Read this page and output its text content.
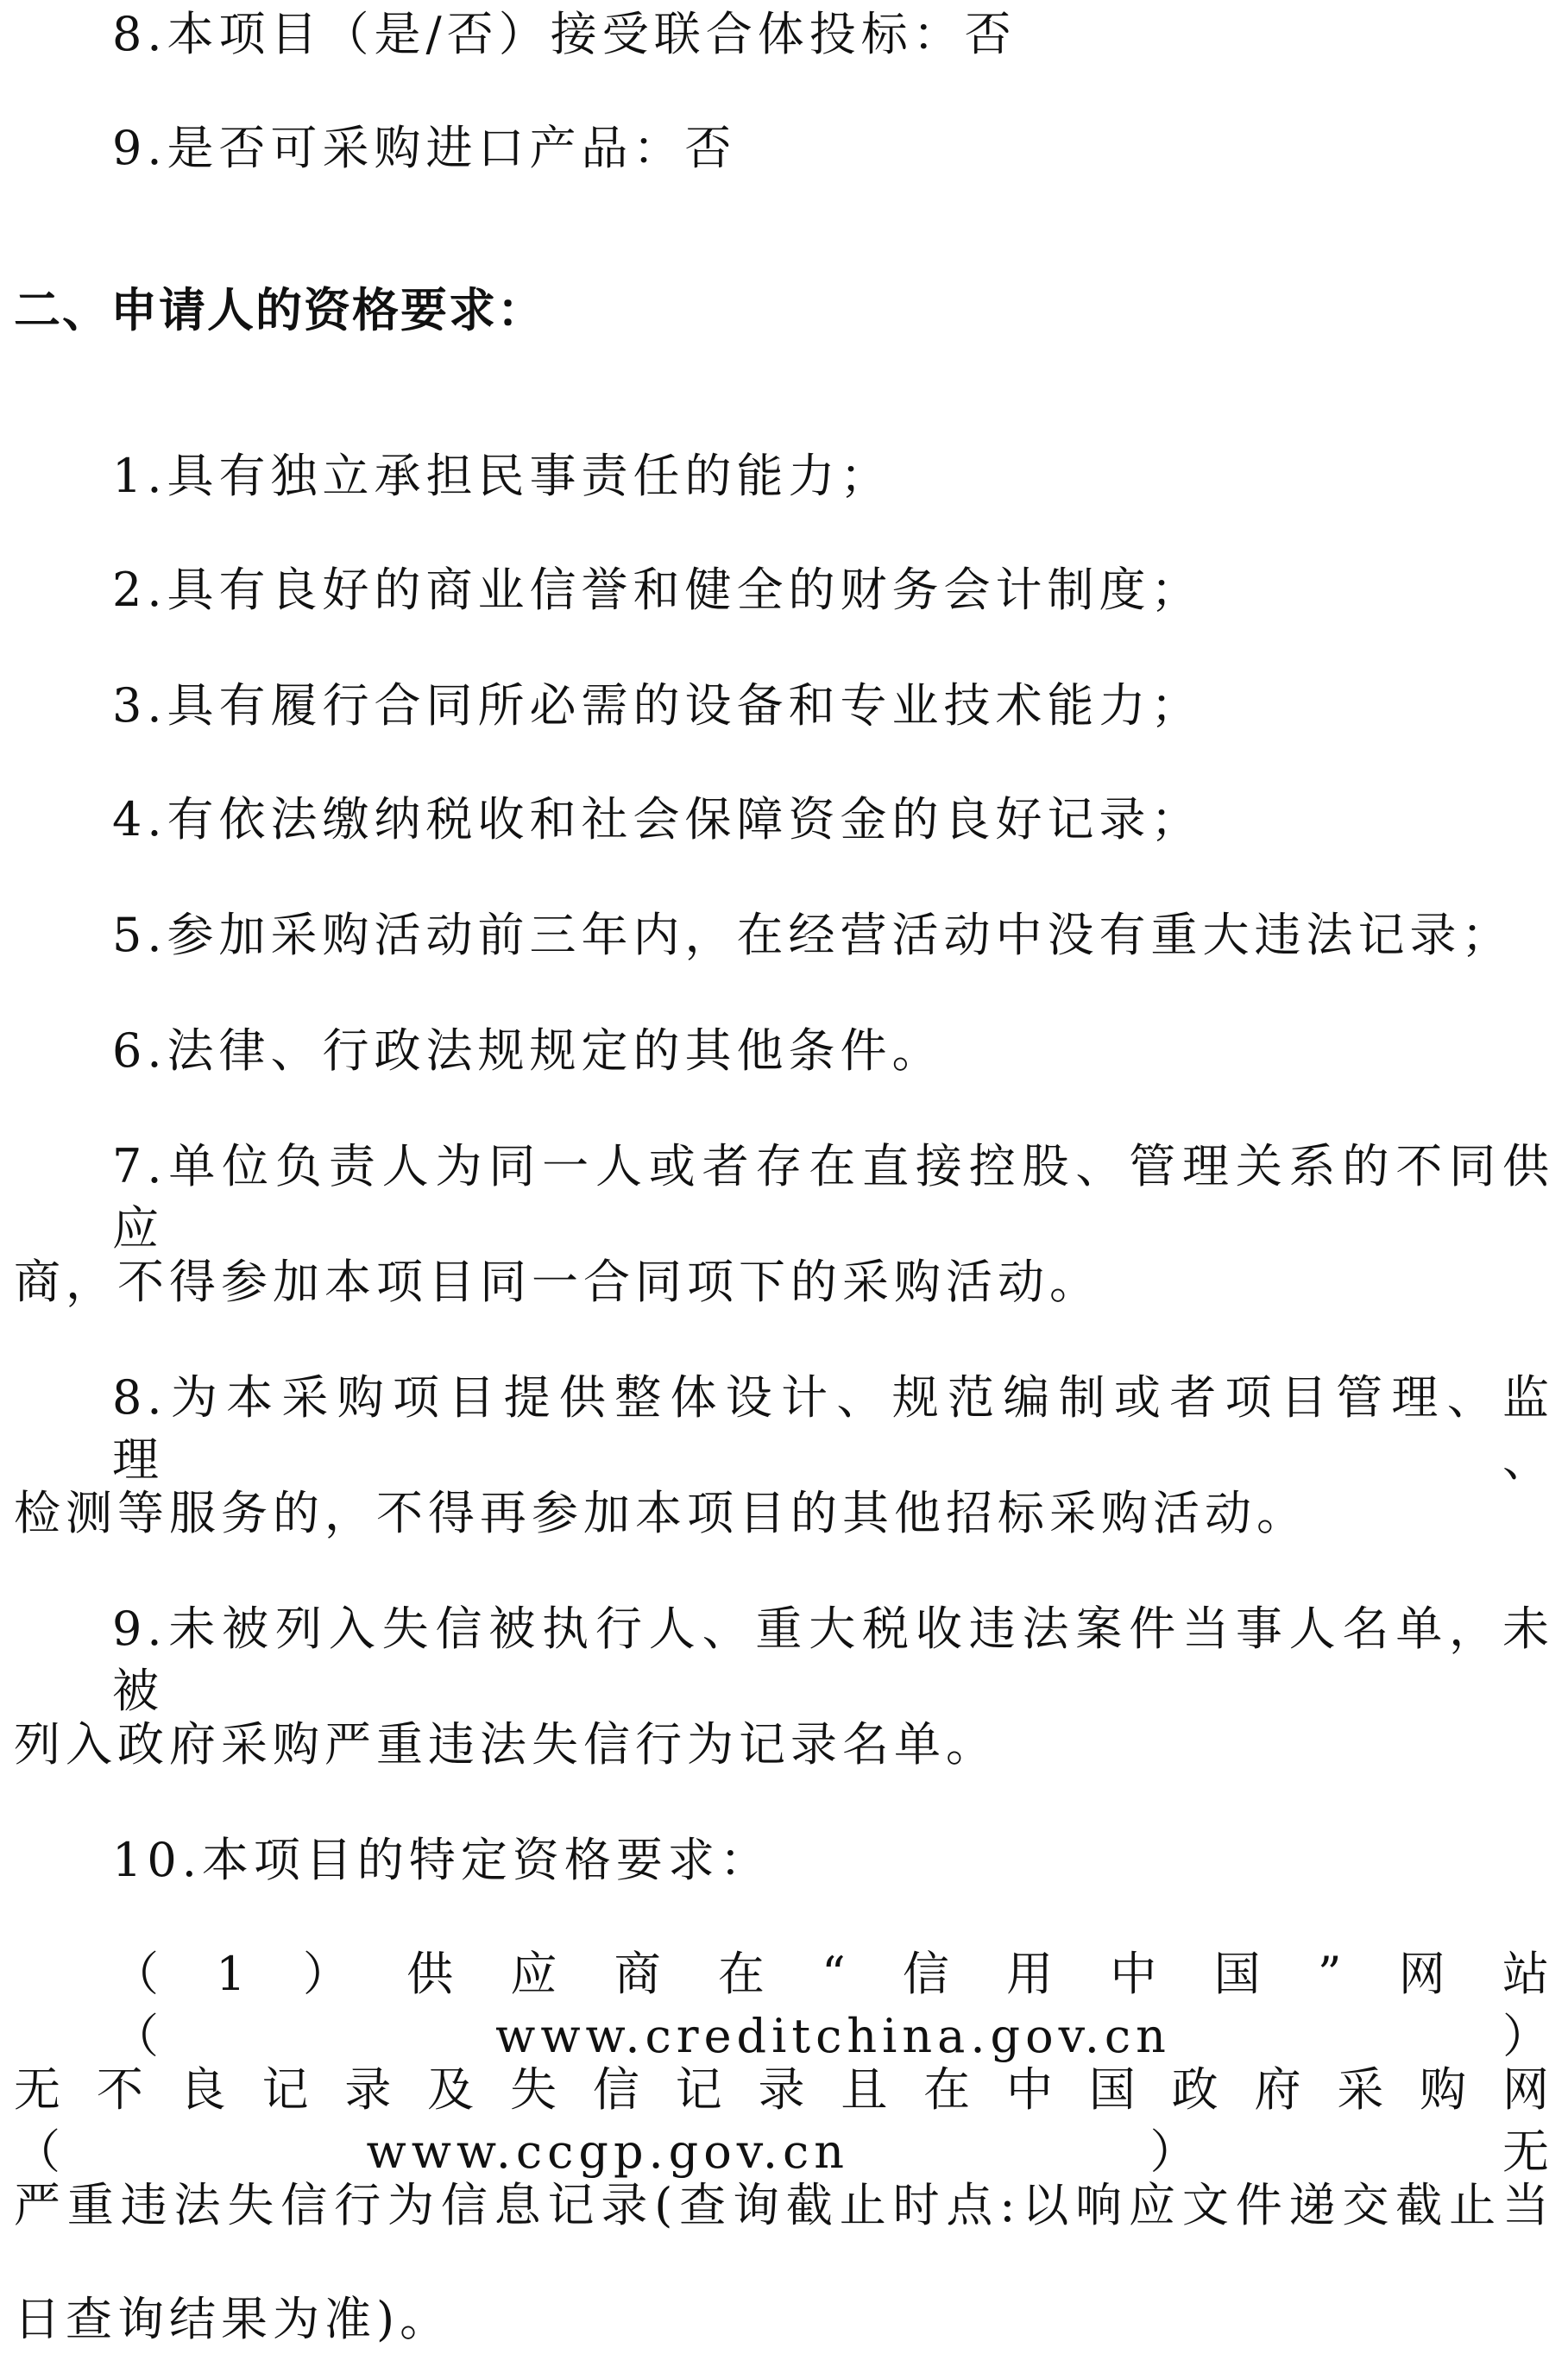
8.本项目（是/否）接受联合体投标：否
9.是否可采购进口产品：否
二、申请人的资格要求：
1.具有独立承担民事责任的能力；
2.具有良好的商业信誉和健全的财务会计制度；
3.具有履行合同所必需的设备和专业技术能力；
4.有依法缴纳税收和社会保障资金的良好记录；
5.参加采购活动前三年内，在经营活动中没有重大违法记录；
6.法律、行政法规规定的其他条件。
7.单位负责人为同一人或者存在直接控股、管理关系的不同供应
商，不得参加本项目同一合同项下的采购活动。
8.为本采购项目提供整体设计、规范编制或者项目管理、监理、
检测等服务的，不得再参加本项目的其他招标采购活动。
9.未被列入失信被执行人、重大税收违法案件当事人名单，未被
列入政府采购严重违法失信行为记录名单。
10.本项目的特定资格要求：
（1）供应商在“信用中国”网站（www.creditchina.gov.cn）
无不良记录及失信记录且在中国政府采购网（www.ccgp.gov.cn）无
严重违法失信行为信息记录(查询截止时点:以响应文件递交截止当
日查询结果为准)。
